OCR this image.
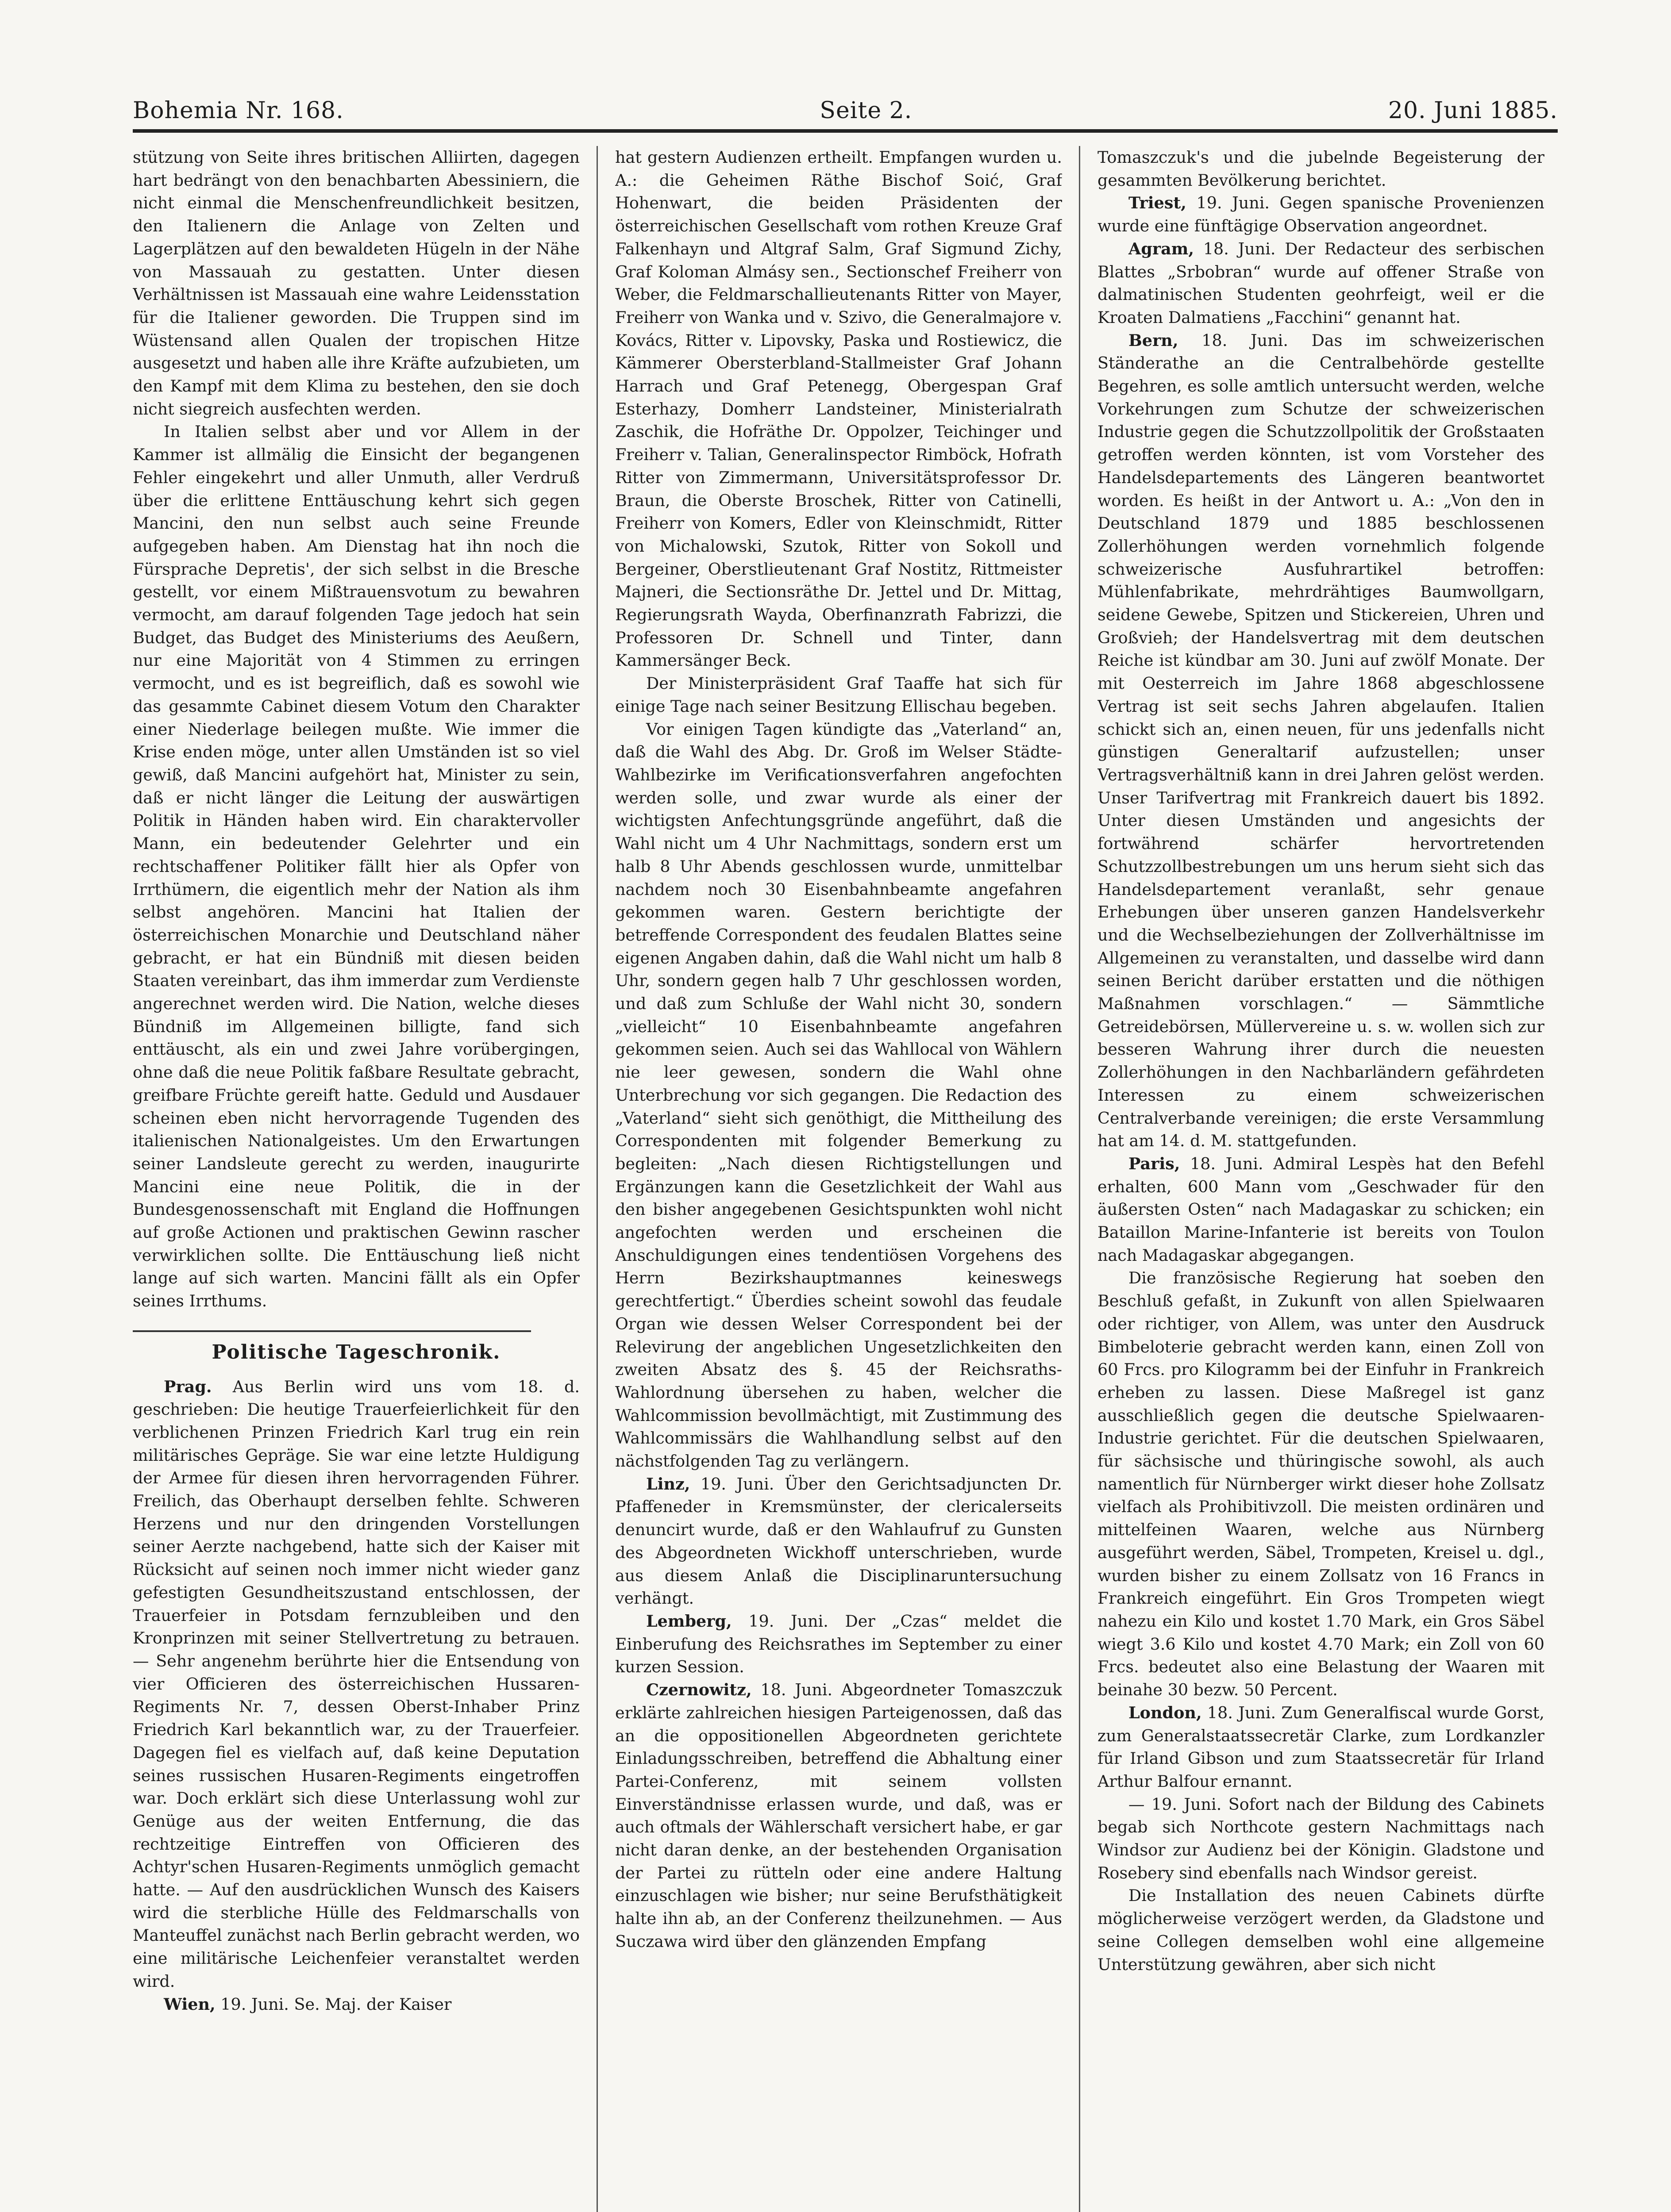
Bohemia Nr. 168.	Seite 2.	20. Juni 1885.

stützung von Seite ihres britischen Alliirten, dagegen hart bedrängt von den benachbarten Abessiniern, die nicht einmal die Menschenfreundlichkeit besitzen, den Italienern die Anlage von Zelten und Lagerplätzen auf den bewaldeten Hügeln in der Nähe von Massauah zu gestatten. Unter diesen Verhältnissen ist Massauah eine wahre Leidensstation für die Italiener geworden. Die Truppen sind im Wüstensand allen Qualen der tropischen Hitze ausgesetzt und haben alle ihre Kräfte aufzubieten, um den Kampf mit dem Klima zu bestehen, den sie doch nicht siegreich ausfechten werden.

In Italien selbst aber und vor Allem in der Kammer ist allmälig die Einsicht der begangenen Fehler eingekehrt und aller Unmuth, aller Verdruß über die erlittene Enttäuschung kehrt sich gegen Mancini, den nun selbst auch seine Freunde aufgegeben haben. Am Dienstag hat ihn noch die Fürsprache Depretis', der sich selbst in die Bresche gestellt, vor einem Mißtrauensvotum zu bewahren vermocht, am darauf folgenden Tage jedoch hat sein Budget, das Budget des Ministeriums des Aeußern, nur eine Majorität von 4 Stimmen zu erringen vermocht, und es ist begreiflich, daß es sowohl wie das gesammte Cabinet diesem Votum den Charakter einer Niederlage beilegen mußte. Wie immer die Krise enden möge, unter allen Umständen ist so viel gewiß, daß Mancini aufgehört hat, Minister zu sein, daß er nicht länger die Leitung der auswärtigen Politik in Händen haben wird. Ein charaktervoller Mann, ein bedeutender Gelehrter und ein rechtschaffener Politiker fällt hier als Opfer von Irrthümern, die eigentlich mehr der Nation als ihm selbst angehören. Mancini hat Italien der österreichischen Monarchie und Deutschland näher gebracht, er hat ein Bündniß mit diesen beiden Staaten vereinbart, das ihm immerdar zum Verdienste angerechnet werden wird. Die Nation, welche dieses Bündniß im Allgemeinen billigte, fand sich enttäuscht, als ein und zwei Jahre vorübergingen, ohne daß die neue Politik faßbare Resultate gebracht, greifbare Früchte gereift hatte. Geduld und Ausdauer scheinen eben nicht hervorragende Tugenden des italienischen Nationalgeistes. Um den Erwartungen seiner Landsleute gerecht zu werden, inaugurirte Mancini eine neue Politik, die in der Bundesgenossenschaft mit England die Hoffnungen auf große Actionen und praktischen Gewinn rascher verwirklichen sollte. Die Enttäuschung ließ nicht lange auf sich warten. Mancini fällt als ein Opfer seines Irrthums.

Politische Tageschronik.

Prag. Aus Berlin wird uns vom 18. d. geschrieben: Die heutige Trauerfeierlichkeit für den verblichenen Prinzen Friedrich Karl trug ein rein militärisches Gepräge. Sie war eine letzte Huldigung der Armee für diesen ihren hervorragenden Führer. Freilich, das Oberhaupt derselben fehlte. Schweren Herzens und nur den dringenden Vorstellungen seiner Aerzte nachgebend, hatte sich der Kaiser mit Rücksicht auf seinen noch immer nicht wieder ganz gefestigten Gesundheitszustand entschlossen, der Trauerfeier in Potsdam fernzubleiben und den Kronprinzen mit seiner Stellvertretung zu betrauen. — Sehr angenehm berührte hier die Entsendung von vier Officieren des österreichischen Hussaren-Regiments Nr. 7, dessen Oberst-Inhaber Prinz Friedrich Karl bekanntlich war, zu der Trauerfeier. Dagegen fiel es vielfach auf, daß keine Deputation seines russischen Husaren-Regiments eingetroffen war. Doch erklärt sich diese Unterlassung wohl zur Genüge aus der weiten Entfernung, die das rechtzeitige Eintreffen von Officieren des Achtyr'schen Husaren-Regiments unmöglich gemacht hatte. — Auf den ausdrücklichen Wunsch des Kaisers wird die sterbliche Hülle des Feldmarschalls von Manteuffel zunächst nach Berlin gebracht werden, wo eine militärische Leichenfeier veranstaltet werden wird.

Wien, 19. Juni. Se. Maj. der Kaiser

hat gestern Audienzen ertheilt. Empfangen wurden u. A.: die Geheimen Räthe Bischof Soić, Graf Hohenwart, die beiden Präsidenten der österreichischen Gesellschaft vom rothen Kreuze Graf Falkenhayn und Altgraf Salm, Graf Sigmund Zichy, Graf Koloman Almásy sen., Sectionschef Freiherr von Weber, die Feldmarschallieutenants Ritter von Mayer, Freiherr von Wanka und v. Szivo, die Generalmajore v. Kovács, Ritter v. Lipovsky, Paska und Rostiewicz, die Kämmerer Obersterbland-Stallmeister Graf Johann Harrach und Graf Petenegg, Obergespan Graf Esterhazy, Domherr Landsteiner, Ministerialrath Zaschik, die Hofräthe Dr. Oppolzer, Teichinger und Freiherr v. Talian, Generalinspector Rimböck, Hofrath Ritter von Zimmermann, Universitätsprofessor Dr. Braun, die Oberste Broschek, Ritter von Catinelli, Freiherr von Komers, Edler von Kleinschmidt, Ritter von Michalowski, Szutok, Ritter von Sokoll und Bergeiner, Oberstlieutenant Graf Nostitz, Rittmeister Majneri, die Sectionsräthe Dr. Jettel und Dr. Mittag, Regierungsrath Wayda, Oberfinanzrath Fabrizzi, die Professoren Dr. Schnell und Tinter, dann Kammersänger Beck.

Der Ministerpräsident Graf Taaffe hat sich für einige Tage nach seiner Besitzung Ellischau begeben.

Vor einigen Tagen kündigte das „Vaterland“ an, daß die Wahl des Abg. Dr. Groß im Welser Städte-Wahlbezirke im Verificationsverfahren angefochten werden solle, und zwar wurde als einer der wichtigsten Anfechtungsgründe angeführt, daß die Wahl nicht um 4 Uhr Nachmittags, sondern erst um halb 8 Uhr Abends geschlossen wurde, unmittelbar nachdem noch 30 Eisenbahnbeamte angefahren gekommen waren. Gestern berichtigte der betreffende Correspondent des feudalen Blattes seine eigenen Angaben dahin, daß die Wahl nicht um halb 8 Uhr, sondern gegen halb 7 Uhr geschlossen worden, und daß zum Schluße der Wahl nicht 30, sondern „vielleicht“ 10 Eisenbahnbeamte angefahren gekommen seien. Auch sei das Wahllocal von Wählern nie leer gewesen, sondern die Wahl ohne Unterbrechung vor sich gegangen. Die Redaction des „Vaterland“ sieht sich genöthigt, die Mittheilung des Correspondenten mit folgender Bemerkung zu begleiten: „Nach diesen Richtigstellungen und Ergänzungen kann die Gesetzlichkeit der Wahl aus den bisher angegebenen Gesichtspunkten wohl nicht angefochten werden und erscheinen die Anschuldigungen eines tendentiösen Vorgehens des Herrn Bezirkshauptmannes keineswegs gerechtfertigt.“ Überdies scheint sowohl das feudale Organ wie dessen Welser Correspondent bei der Relevirung der angeblichen Ungesetzlichkeiten den zweiten Absatz des §. 45 der Reichsraths-Wahlordnung übersehen zu haben, welcher die Wahlcommission bevollmächtigt, mit Zustimmung des Wahlcommissärs die Wahlhandlung selbst auf den nächstfolgenden Tag zu verlängern.

Linz, 19. Juni. Über den Gerichtsadjuncten Dr. Pfaffeneder in Kremsmünster, der clericalerseits denuncirt wurde, daß er den Wahlaufruf zu Gunsten des Abgeordneten Wickhoff unterschrieben, wurde aus diesem Anlaß die Disciplinaruntersuchung verhängt.

Lemberg, 19. Juni. Der „Czas“ meldet die Einberufung des Reichsrathes im September zu einer kurzen Session.

Czernowitz, 18. Juni. Abgeordneter Tomaszczuk erklärte zahlreichen hiesigen Parteigenossen, daß das an die oppositionellen Abgeordneten gerichtete Einladungsschreiben, betreffend die Abhaltung einer Partei-Conferenz, mit seinem vollsten Einverständnisse erlassen wurde, und daß, was er auch oftmals der Wählerschaft versichert habe, er gar nicht daran denke, an der bestehenden Organisation der Partei zu rütteln oder eine andere Haltung einzuschlagen wie bisher; nur seine Berufsthätigkeit halte ihn ab, an der Conferenz theilzunehmen. — Aus Suczawa wird über den glänzenden Empfang

Tomaszczuk's und die jubelnde Begeisterung der gesammten Bevölkerung berichtet.

Triest, 19. Juni. Gegen spanische Provenienzen wurde eine fünftägige Observation angeordnet.

Agram, 18. Juni. Der Redacteur des serbischen Blattes „Srbobran“ wurde auf offener Straße von dalmatinischen Studenten geohrfeigt, weil er die Kroaten Dalmatiens „Facchini“ genannt hat.

Bern, 18. Juni. Das im schweizerischen Ständerathe an die Centralbehörde gestellte Begehren, es solle amtlich untersucht werden, welche Vorkehrungen zum Schutze der schweizerischen Industrie gegen die Schutzzollpolitik der Großstaaten getroffen werden könnten, ist vom Vorsteher des Handelsdepartements des Längeren beantwortet worden. Es heißt in der Antwort u. A.: „Von den in Deutschland 1879 und 1885 beschlossenen Zollerhöhungen werden vornehmlich folgende schweizerische Ausfuhrartikel betroffen: Mühlenfabrikate, mehrdrähtiges Baumwollgarn, seidene Gewebe, Spitzen und Stickereien, Uhren und Großvieh; der Handelsvertrag mit dem deutschen Reiche ist kündbar am 30. Juni auf zwölf Monate. Der mit Oesterreich im Jahre 1868 abgeschlossene Vertrag ist seit sechs Jahren abgelaufen. Italien schickt sich an, einen neuen, für uns jedenfalls nicht günstigen Generaltarif aufzustellen; unser Vertragsverhältniß kann in drei Jahren gelöst werden. Unser Tarifvertrag mit Frankreich dauert bis 1892. Unter diesen Umständen und angesichts der fortwährend schärfer hervortretenden Schutzzollbestrebungen um uns herum sieht sich das Handelsdepartement veranlaßt, sehr genaue Erhebungen über unseren ganzen Handelsverkehr und die Wechselbeziehungen der Zollverhältnisse im Allgemeinen zu veranstalten, und dasselbe wird dann seinen Bericht darüber erstatten und die nöthigen Maßnahmen vorschlagen.“ — Sämmtliche Getreidebörsen, Müllervereine u. s. w. wollen sich zur besseren Wahrung ihrer durch die neuesten Zollerhöhungen in den Nachbarländern gefährdeten Interessen zu einem schweizerischen Centralverbande vereinigen; die erste Versammlung hat am 14. d. M. stattgefunden.

Paris, 18. Juni. Admiral Lespès hat den Befehl erhalten, 600 Mann vom „Geschwader für den äußersten Osten“ nach Madagaskar zu schicken; ein Bataillon Marine-Infanterie ist bereits von Toulon nach Madagaskar abgegangen.

Die französische Regierung hat soeben den Beschluß gefaßt, in Zukunft von allen Spielwaaren oder richtiger, von Allem, was unter den Ausdruck Bimbeloterie gebracht werden kann, einen Zoll von 60 Frcs. pro Kilogramm bei der Einfuhr in Frankreich erheben zu lassen. Diese Maßregel ist ganz ausschließlich gegen die deutsche Spielwaaren-Industrie gerichtet. Für die deutschen Spielwaaren, für sächsische und thüringische sowohl, als auch namentlich für Nürnberger wirkt dieser hohe Zollsatz vielfach als Prohibitivzoll. Die meisten ordinären und mittelfeinen Waaren, welche aus Nürnberg ausgeführt werden, Säbel, Trompeten, Kreisel u. dgl., wurden bisher zu einem Zollsatz von 16 Francs in Frankreich eingeführt. Ein Gros Trompeten wiegt nahezu ein Kilo und kostet 1.70 Mark, ein Gros Säbel wiegt 3.6 Kilo und kostet 4.70 Mark; ein Zoll von 60 Frcs. bedeutet also eine Belastung der Waaren mit beinahe 30 bezw. 50 Percent.

London, 18. Juni. Zum Generalfiscal wurde Gorst, zum Generalstaatssecretär Clarke, zum Lordkanzler für Irland Gibson und zum Staatssecretär für Irland Arthur Balfour ernannt.

— 19. Juni. Sofort nach der Bildung des Cabinets begab sich Northcote gestern Nachmittags nach Windsor zur Audienz bei der Königin. Gladstone und Rosebery sind ebenfalls nach Windsor gereist.

Die Installation des neuen Cabinets dürfte möglicherweise verzögert werden, da Gladstone und seine Collegen demselben wohl eine allgemeine Unterstützung gewähren, aber sich nicht
